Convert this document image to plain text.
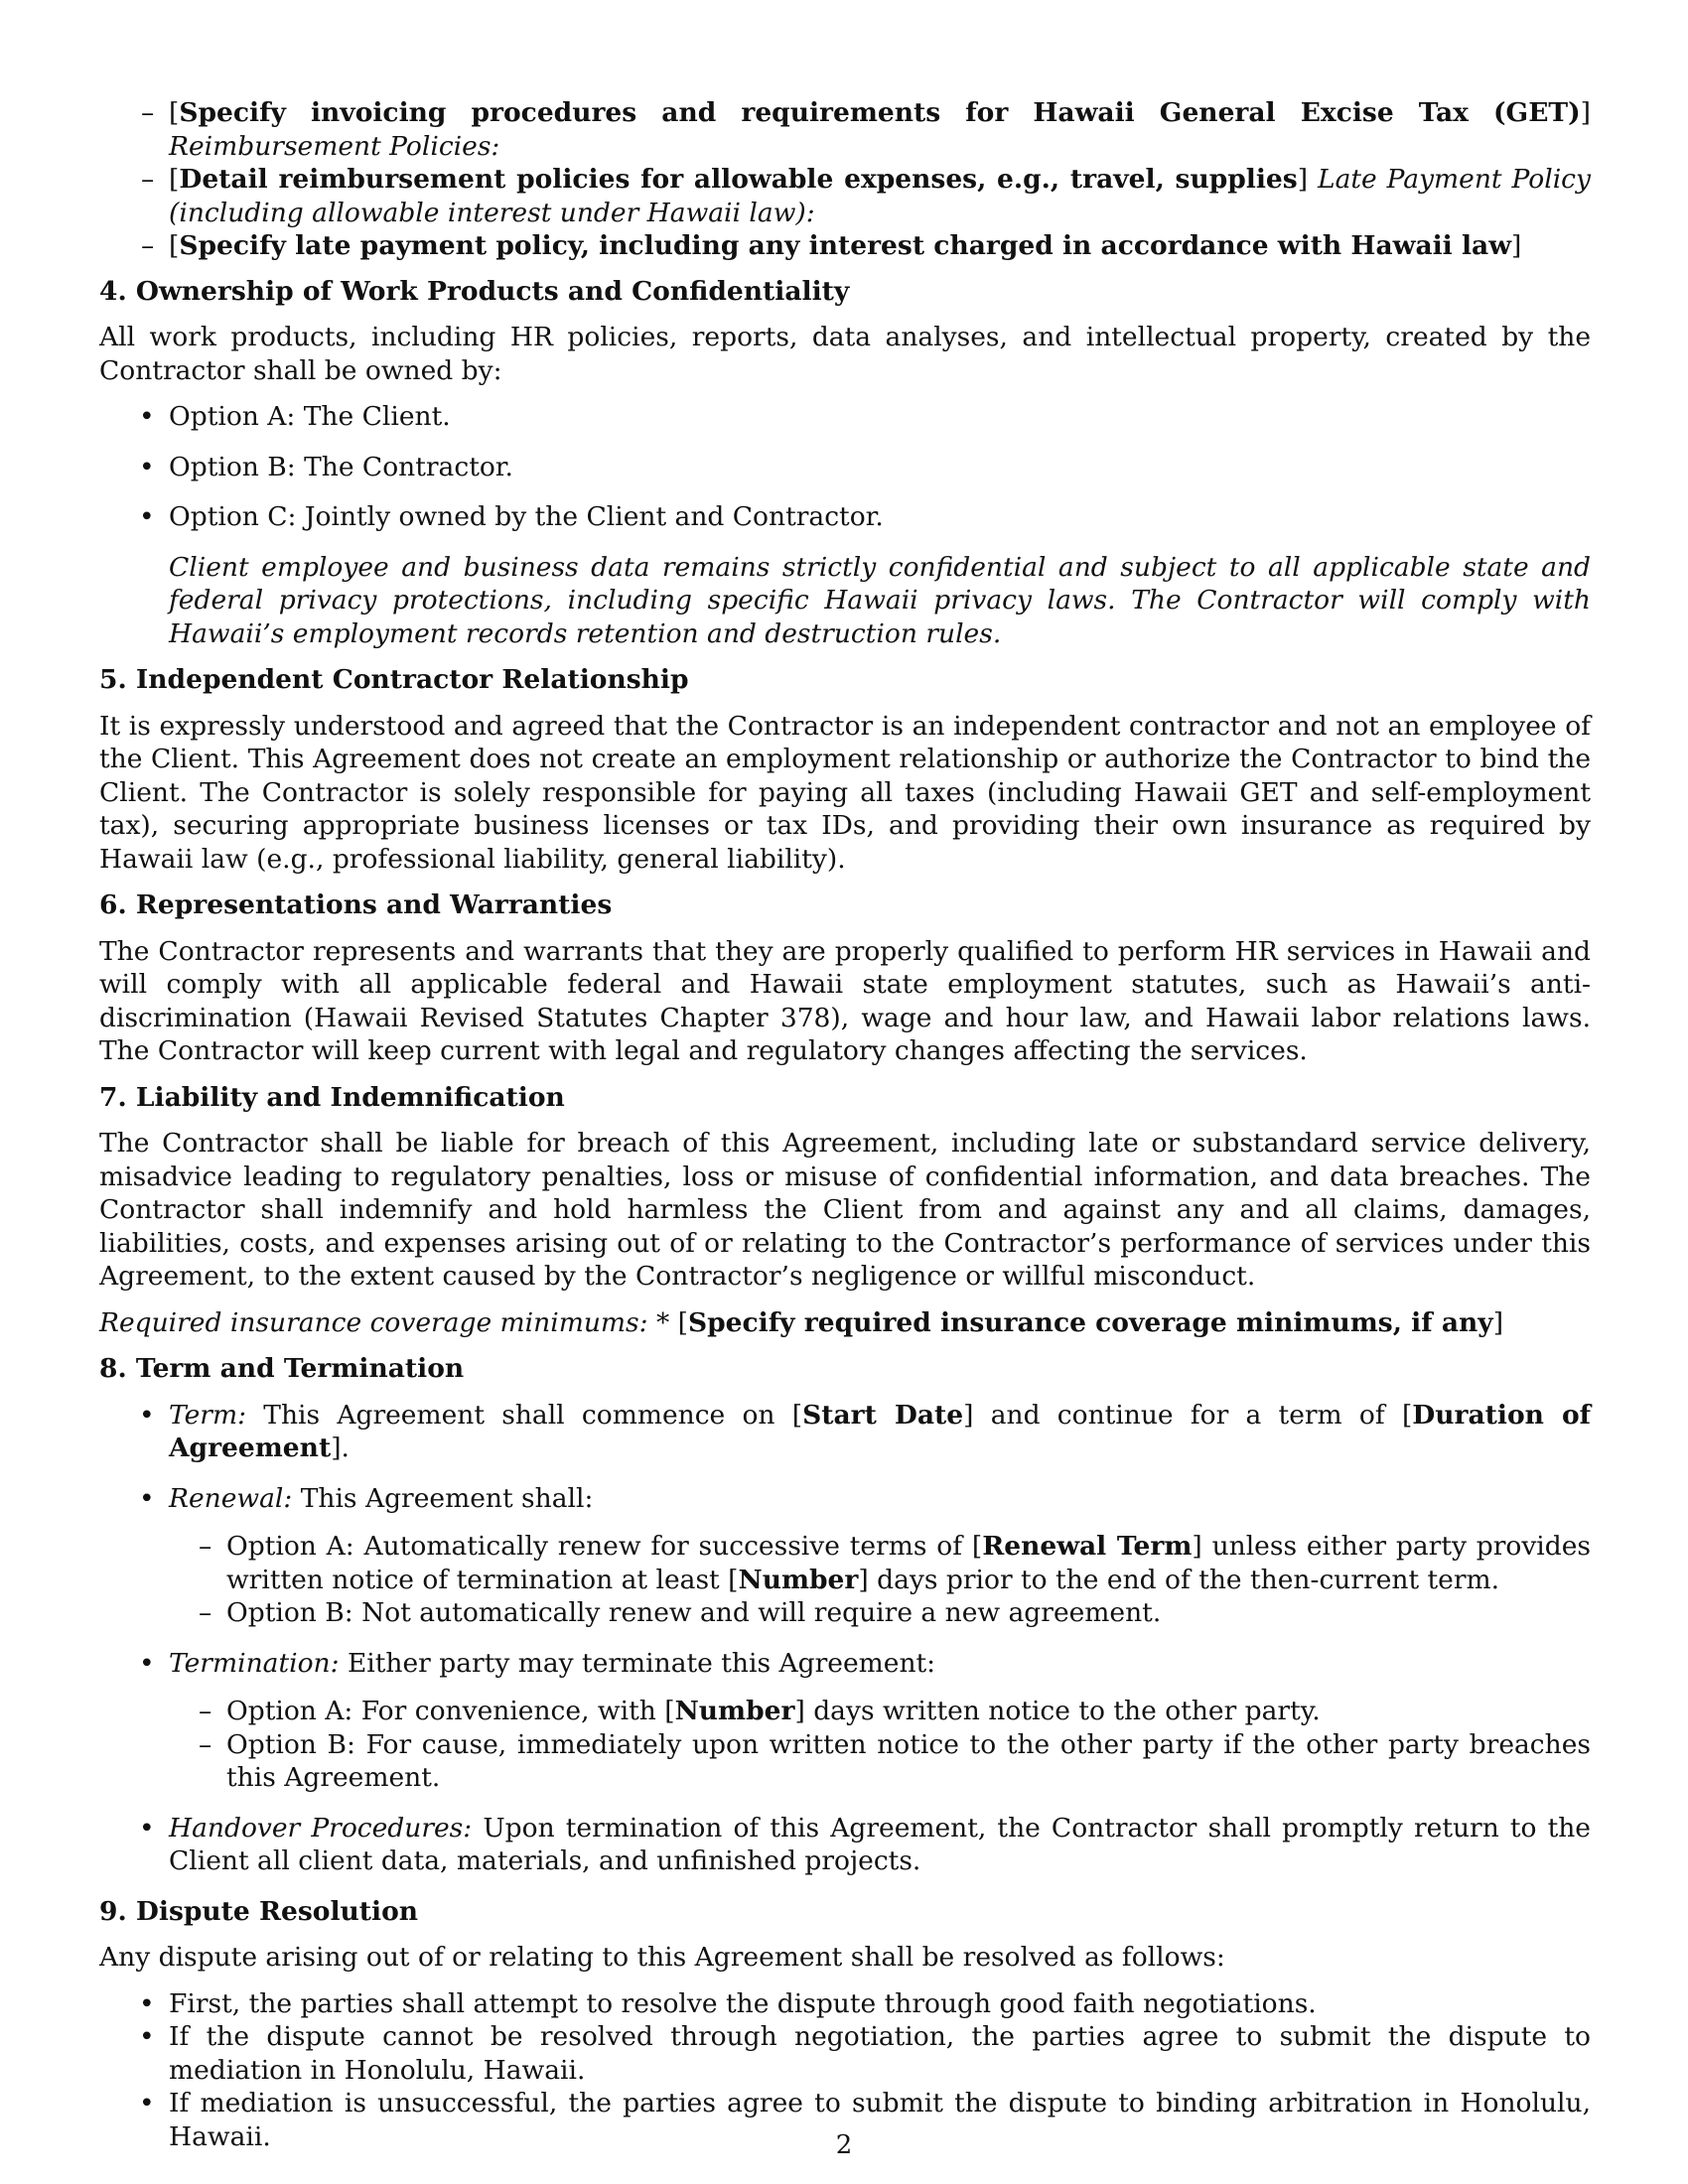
– [Specify invoicing procedures and requirements for Hawaii General Excise Tax (GET)] Reimbursement Policies:
– [Detail reimbursement policies for allowable expenses, e.g., travel, supplies] Late Payment Policy (including allowable interest under Hawaii law):
– [Specify late payment policy, including any interest charged in accordance with Hawaii law]

4. Ownership of Work Products and Confidentiality

All work products, including HR policies, reports, data analyses, and intellectual property, created by the Contractor shall be owned by:

• Option A: The Client.
• Option B: The Contractor.
• Option C: Jointly owned by the Client and Contractor.

Client employee and business data remains strictly confidential and subject to all applicable state and federal privacy protections, including specific Hawaii privacy laws. The Contractor will comply with Hawaii’s employment records retention and destruction rules.

5. Independent Contractor Relationship

It is expressly understood and agreed that the Contractor is an independent contractor and not an employee of the Client. This Agreement does not create an employment relationship or authorize the Contractor to bind the Client. The Contractor is solely responsible for paying all taxes (including Hawaii GET and self-employment tax), securing appropriate business licenses or tax IDs, and providing their own insurance as required by Hawaii law (e.g., professional liability, general liability).

6. Representations and Warranties

The Contractor represents and warrants that they are properly qualified to perform HR services in Hawaii and will comply with all applicable federal and Hawaii state employment statutes, such as Hawaii’s anti-discrimination (Hawaii Revised Statutes Chapter 378), wage and hour law, and Hawaii labor relations laws. The Contractor will keep current with legal and regulatory changes affecting the services.

7. Liability and Indemnification

The Contractor shall be liable for breach of this Agreement, including late or substandard service delivery, misadvice leading to regulatory penalties, loss or misuse of confidential information, and data breaches. The Contractor shall indemnify and hold harmless the Client from and against any and all claims, damages, liabilities, costs, and expenses arising out of or relating to the Contractor’s performance of services under this Agreement, to the extent caused by the Contractor’s negligence or willful misconduct.

Required insurance coverage minimums: * [Specify required insurance coverage minimums, if any]

8. Term and Termination

• Term: This Agreement shall commence on [Start Date] and continue for a term of [Duration of Agreement].
• Renewal: This Agreement shall:
– Option A: Automatically renew for successive terms of [Renewal Term] unless either party provides written notice of termination at least [Number] days prior to the end of the then-current term.
– Option B: Not automatically renew and will require a new agreement.
• Termination: Either party may terminate this Agreement:
– Option A: For convenience, with [Number] days written notice to the other party.
– Option B: For cause, immediately upon written notice to the other party if the other party breaches this Agreement.
• Handover Procedures: Upon termination of this Agreement, the Contractor shall promptly return to the Client all client data, materials, and unfinished projects.

9. Dispute Resolution

Any dispute arising out of or relating to this Agreement shall be resolved as follows:

• First, the parties shall attempt to resolve the dispute through good faith negotiations.
• If the dispute cannot be resolved through negotiation, the parties agree to submit the dispute to mediation in Honolulu, Hawaii.
• If mediation is unsuccessful, the parties agree to submit the dispute to binding arbitration in Honolulu, Hawaii.	2
